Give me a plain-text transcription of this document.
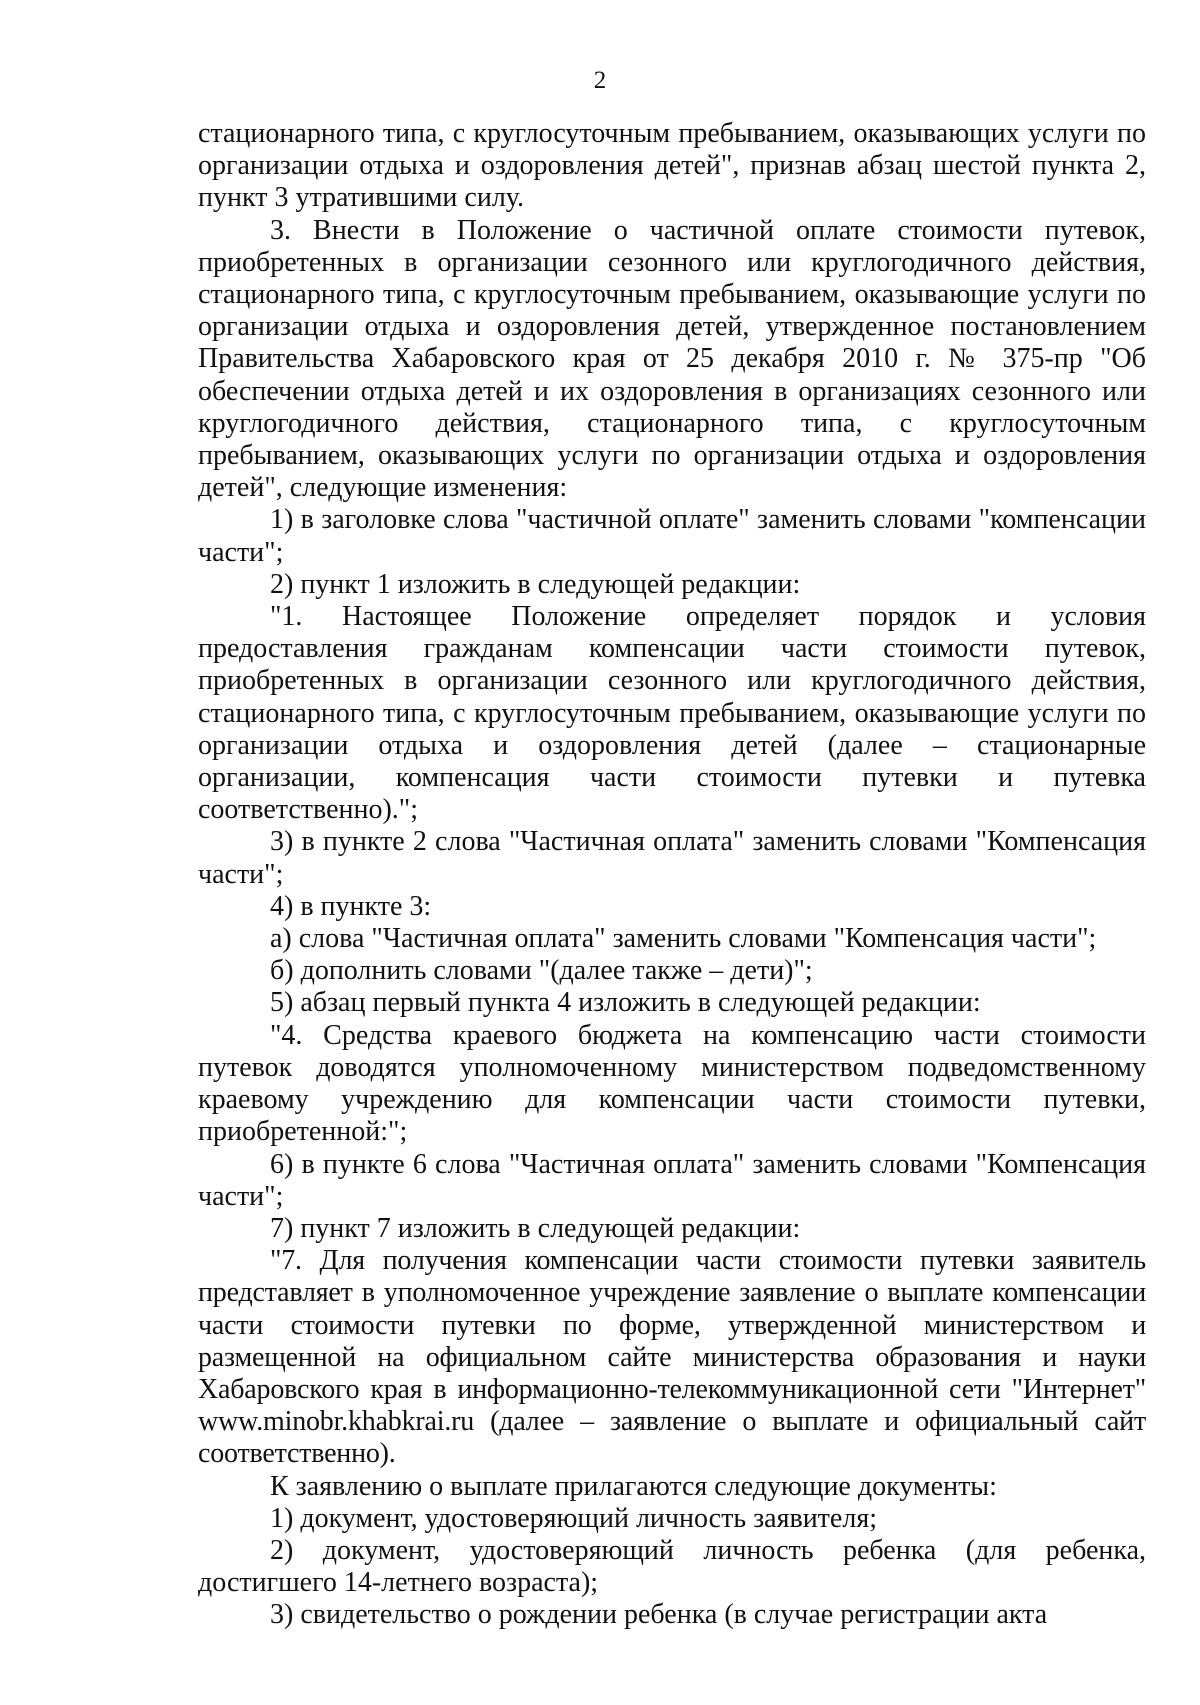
2

стационарного типа, с круглосуточным пребыванием, оказывающих услуги по организации отдыха и оздоровления детей", признав абзац шестой пункта 2, пункт 3 утратившими силу.

3. Внести в Положение о частичной оплате стоимости путевок, приобретенных в организации сезонного или круглогодичного действия, стационарного типа, с круглосуточным пребыванием, оказывающие услуги по организации отдыха и оздоровления детей, утвержденное постановлением Правительства Хабаровского края от 25 декабря 2010 г. № 375-пр "Об обеспечении отдыха детей и их оздоровления в организациях сезонного или круглогодичного действия, стационарного типа, с круглосуточным пребыванием, оказывающих услуги по организации отдыха и оздоровления детей", следующие изменения:

1) в заголовке слова "частичной оплате" заменить словами "компенсации части";

2) пункт 1 изложить в следующей редакции:

"1. Настоящее Положение определяет порядок и условия предоставления гражданам компенсации части стоимости путевок, приобретенных в организации сезонного или круглогодичного действия, стационарного типа, с круглосуточным пребыванием, оказывающие услуги по организации отдыха и оздоровления детей (далее – стационарные организации, компенсация части стоимости путевки и путевка соответственно).";

3) в пункте 2 слова "Частичная оплата" заменить словами "Компенсация части";

4) в пункте 3:

а) слова "Частичная оплата" заменить словами "Компенсация части";

б) дополнить словами "(далее также – дети)";

5) абзац первый пункта 4 изложить в следующей редакции:

"4. Средства краевого бюджета на компенсацию части стоимости путевок доводятся уполномоченному министерством подведомственному краевому учреждению для компенсации части стоимости путевки, приобретенной:";

6) в пункте 6 слова "Частичная оплата" заменить словами "Компенсация части";

7) пункт 7 изложить в следующей редакции:

"7. Для получения компенсации части стоимости путевки заявитель представляет в уполномоченное учреждение заявление о выплате компенсации части стоимости путевки по форме, утвержденной министерством и размещенной на официальном сайте министерства образования и науки Хабаровского края в информационно-телекоммуникационной сети "Интернет" www.minobr.khabkrai.ru (далее – заявление о выплате и официальный сайт соответственно).

К заявлению о выплате прилагаются следующие документы:

1) документ, удостоверяющий личность заявителя;

2) документ, удостоверяющий личность ребенка (для ребенка, достигшего 14-летнего возраста);

3) свидетельство о рождении ребенка (в случае регистрации акта
